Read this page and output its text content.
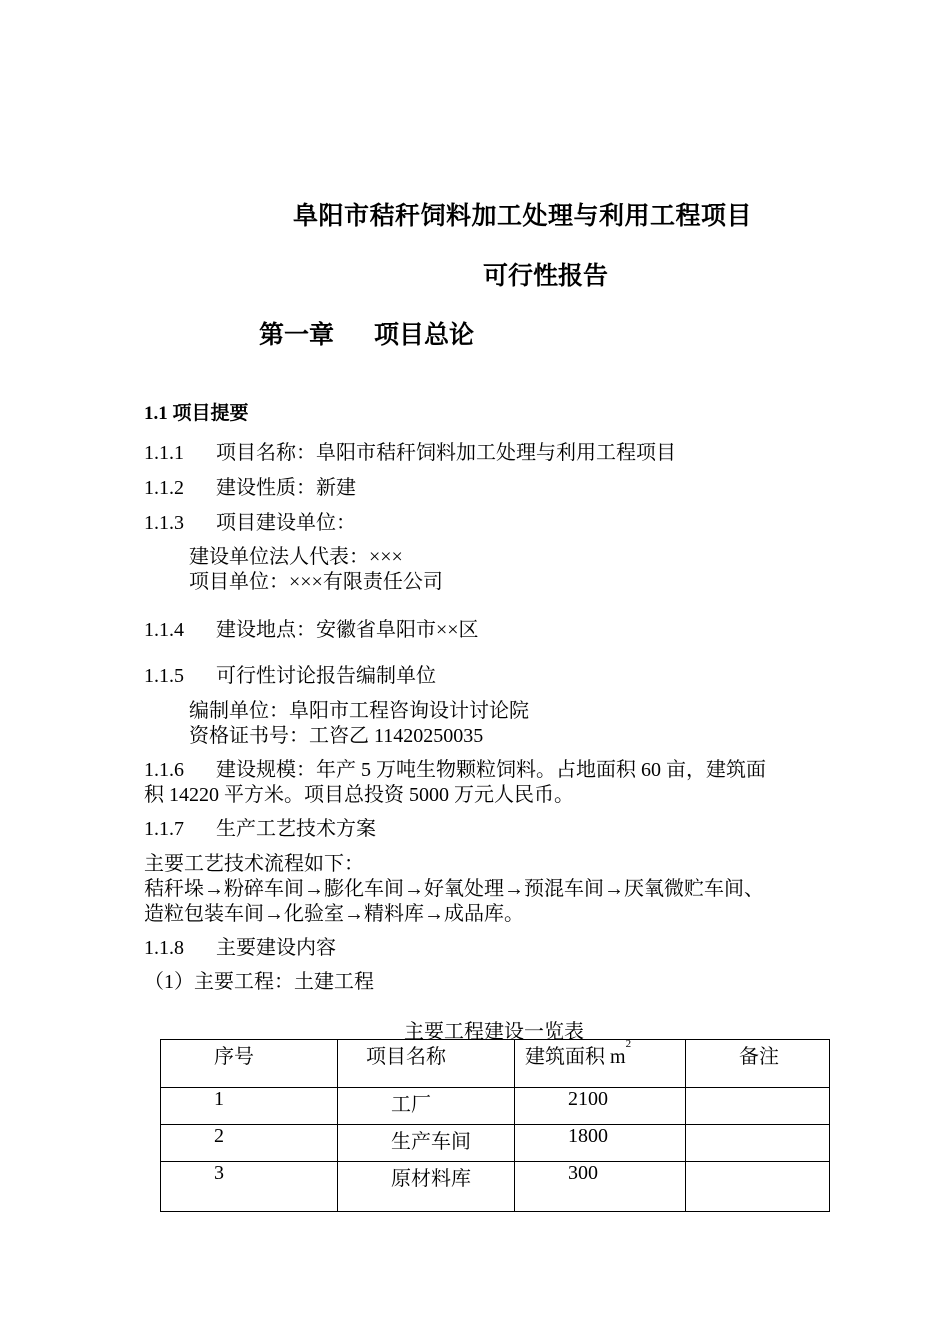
阜阳市秸秆饲料加工处理与利用工程项目
可行性报告
第一章 项目总论
1.1 项目提要
1.1.1 项目名称：阜阳市秸秆饲料加工处理与利用工程项目
1.1.2 建设性质：新建
1.1.3 项目建设单位：
建设单位法人代表：×××
项目单位：×××有限责任公司
1.1.4 建设地点：安徽省阜阳市××区
1.1.5 可行性讨论报告编制单位
编制单位：阜阳市工程咨询设计讨论院
资格证书号：工咨乙 11420250035
1.1.6 建设规模：年产 5 万吨生物颗粒饲料。占地面积 60 亩，建筑面
积 14220 平方米。项目总投资 5000 万元人民币。
1.1.7 生产工艺技术方案
主要工艺技术流程如下：
秸秆垛→粉碎车间→膨化车间→好氧处理→预混车间→厌氧微贮车间、
造粒包装车间→化验室→精料库→成品库。
1.1.8 主要建设内容
（1）主要工程：土建工程
主要工程建设一览表
序号	项目名称	建筑面积 $m^2$	备注
1	工厂	2100	
2	生产车间	1800	
3	原材料库	300	
